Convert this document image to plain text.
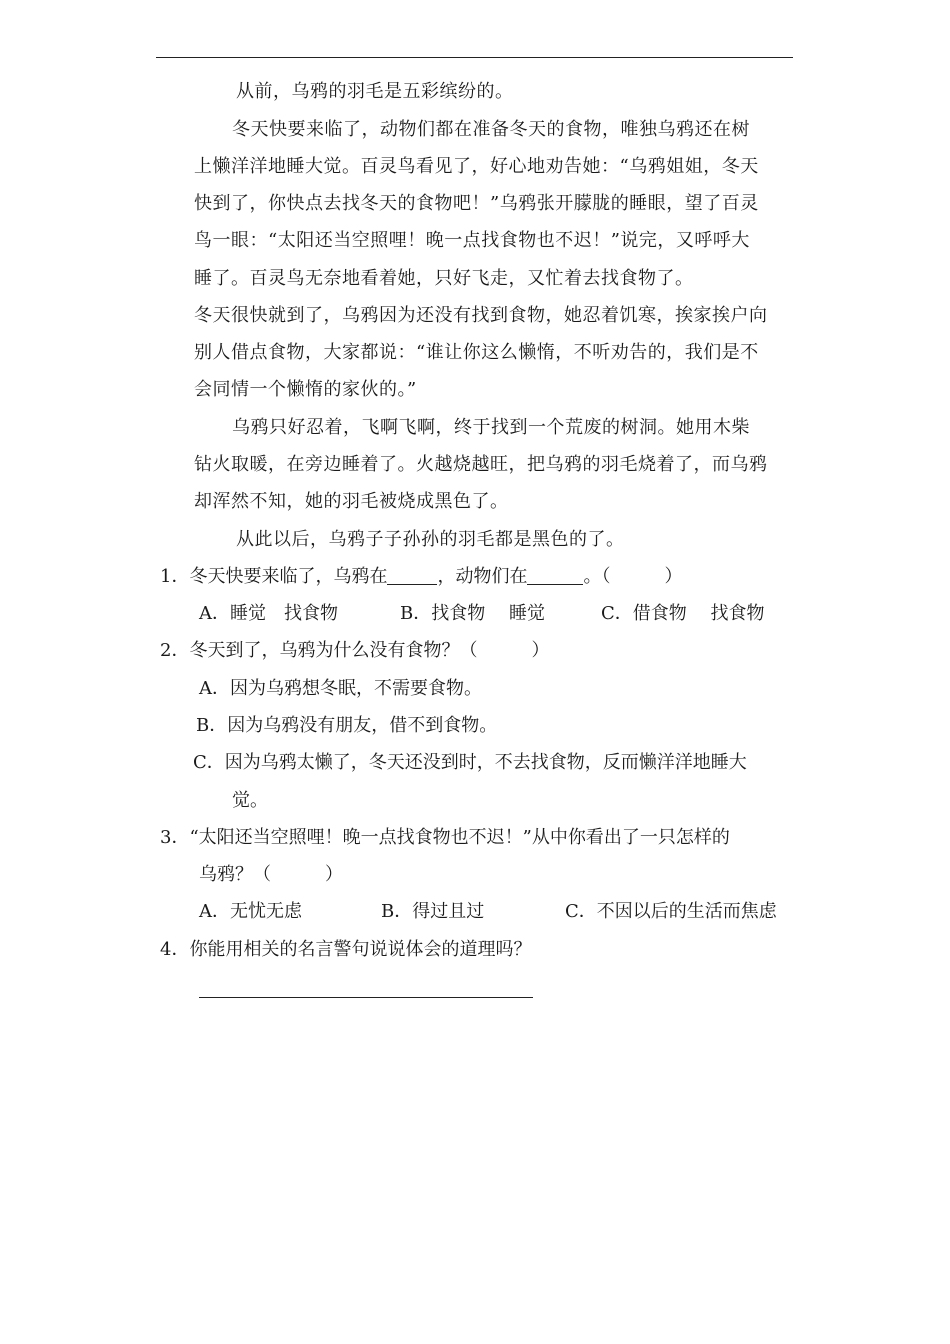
从前，乌鸦的羽毛是五彩缤纷的。
冬天快要来临了，动物们都在准备冬天的食物，唯独乌鸦还在树
上懒洋洋地睡大觉。百灵鸟看见了，好心地劝告她：“乌鸦姐姐，冬天
快到了，你快点去找冬天的食物吧！”乌鸦张开朦胧的睡眼，望了百灵
鸟一眼：“太阳还当空照哩！晚一点找食物也不迟！”说完，又呼呼大
睡了。百灵鸟无奈地看着她，只好飞走，又忙着去找食物了。
冬天很快就到了，乌鸦因为还没有找到食物，她忍着饥寒，挨家挨户向
别人借点食物，大家都说：“谁让你这么懒惰，不听劝告的，我们是不
会同情一个懒惰的家伙的。”
乌鸦只好忍着，飞啊飞啊，终于找到一个荒废的树洞。她用木柴
钻火取暖，在旁边睡着了。火越烧越旺，把乌鸦的羽毛烧着了，而乌鸦
却浑然不知，她的羽毛被烧成黑色了。
从此以后，乌鸦子子孙孙的羽毛都是黑色的了。
1．冬天快要来临了，乌鸦在	，动物们在	。（　　　）
A．睡觉　找食物	B．找食物　 睡觉	C．借食物　 找食物
2．冬天到了，乌鸦为什么没有食物？（　　　）
A．因为乌鸦想冬眠，不需要食物。
B．因为乌鸦没有朋友，借不到食物。
C．因为乌鸦太懒了，冬天还没到时，不去找食物，反而懒洋洋地睡大
觉。
3．“太阳还当空照哩！晚一点找食物也不迟！”从中你看出了一只怎样的
乌鸦？（　　　）
A．无忧无虑	B．得过且过	C．不因以后的生活而焦虑
4．你能用相关的名言警句说说体会的道理吗？
